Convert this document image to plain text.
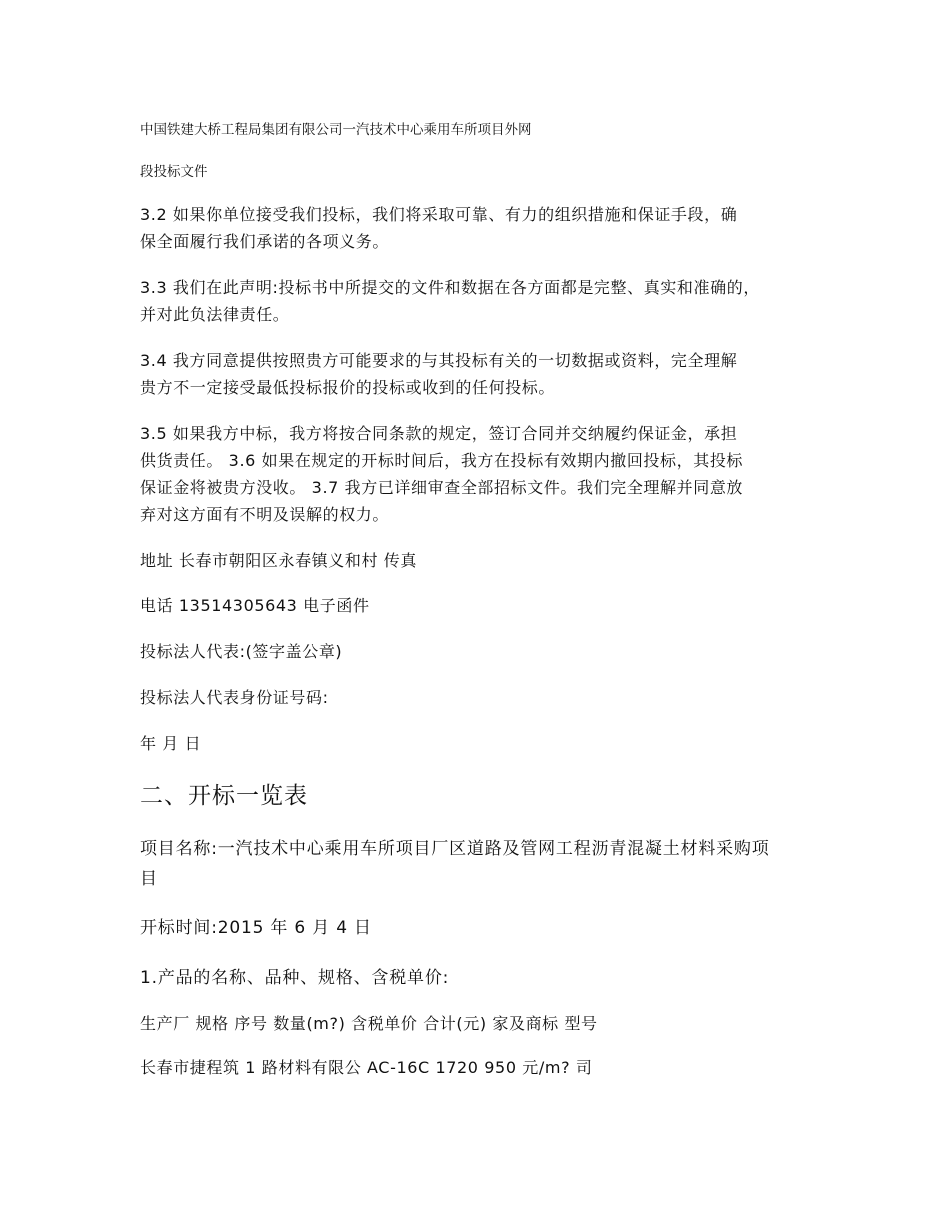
中国铁建大桥工程局集团有限公司一汽技术中心乘用车所项目外网

段投标文件

3.2 如果你单位接受我们投标，我们将采取可靠、有力的组织措施和保证手段，确

保全面履行我们承诺的各项义务。

3.3 我们在此声明:投标书中所提交的文件和数据在各方面都是完整、真实和准确的，

并对此负法律责任。

3.4 我方同意提供按照贵方可能要求的与其投标有关的一切数据或资料，完全理解

贵方不一定接受最低投标报价的投标或收到的任何投标。

3.5 如果我方中标，我方将按合同条款的规定，签订合同并交纳履约保证金，承担

供货责任。 3.6 如果在规定的开标时间后，我方在投标有效期内撤回投标，其投标

保证金将被贵方没收。 3.7 我方已详细审查全部招标文件。我们完全理解并同意放

弃对这方面有不明及误解的权力。

地址 长春市朝阳区永春镇义和村 传真

电话 13514305643 电子函件

投标法人代表:(签字盖公章)

投标法人代表身份证号码:

年 月 日

二、开标一览表

项目名称:一汽技术中心乘用车所项目厂区道路及管网工程沥青混凝土材料采购项

目

开标时间:2015 年 6 月 4 日

1.产品的名称、品种、规格、含税单价:

生产厂 规格 序号 数量(m?) 含税单价 合计(元) 家及商标 型号

长春市捷程筑 1 路材料有限公 AC-16C 1720 950 元/m? 司
